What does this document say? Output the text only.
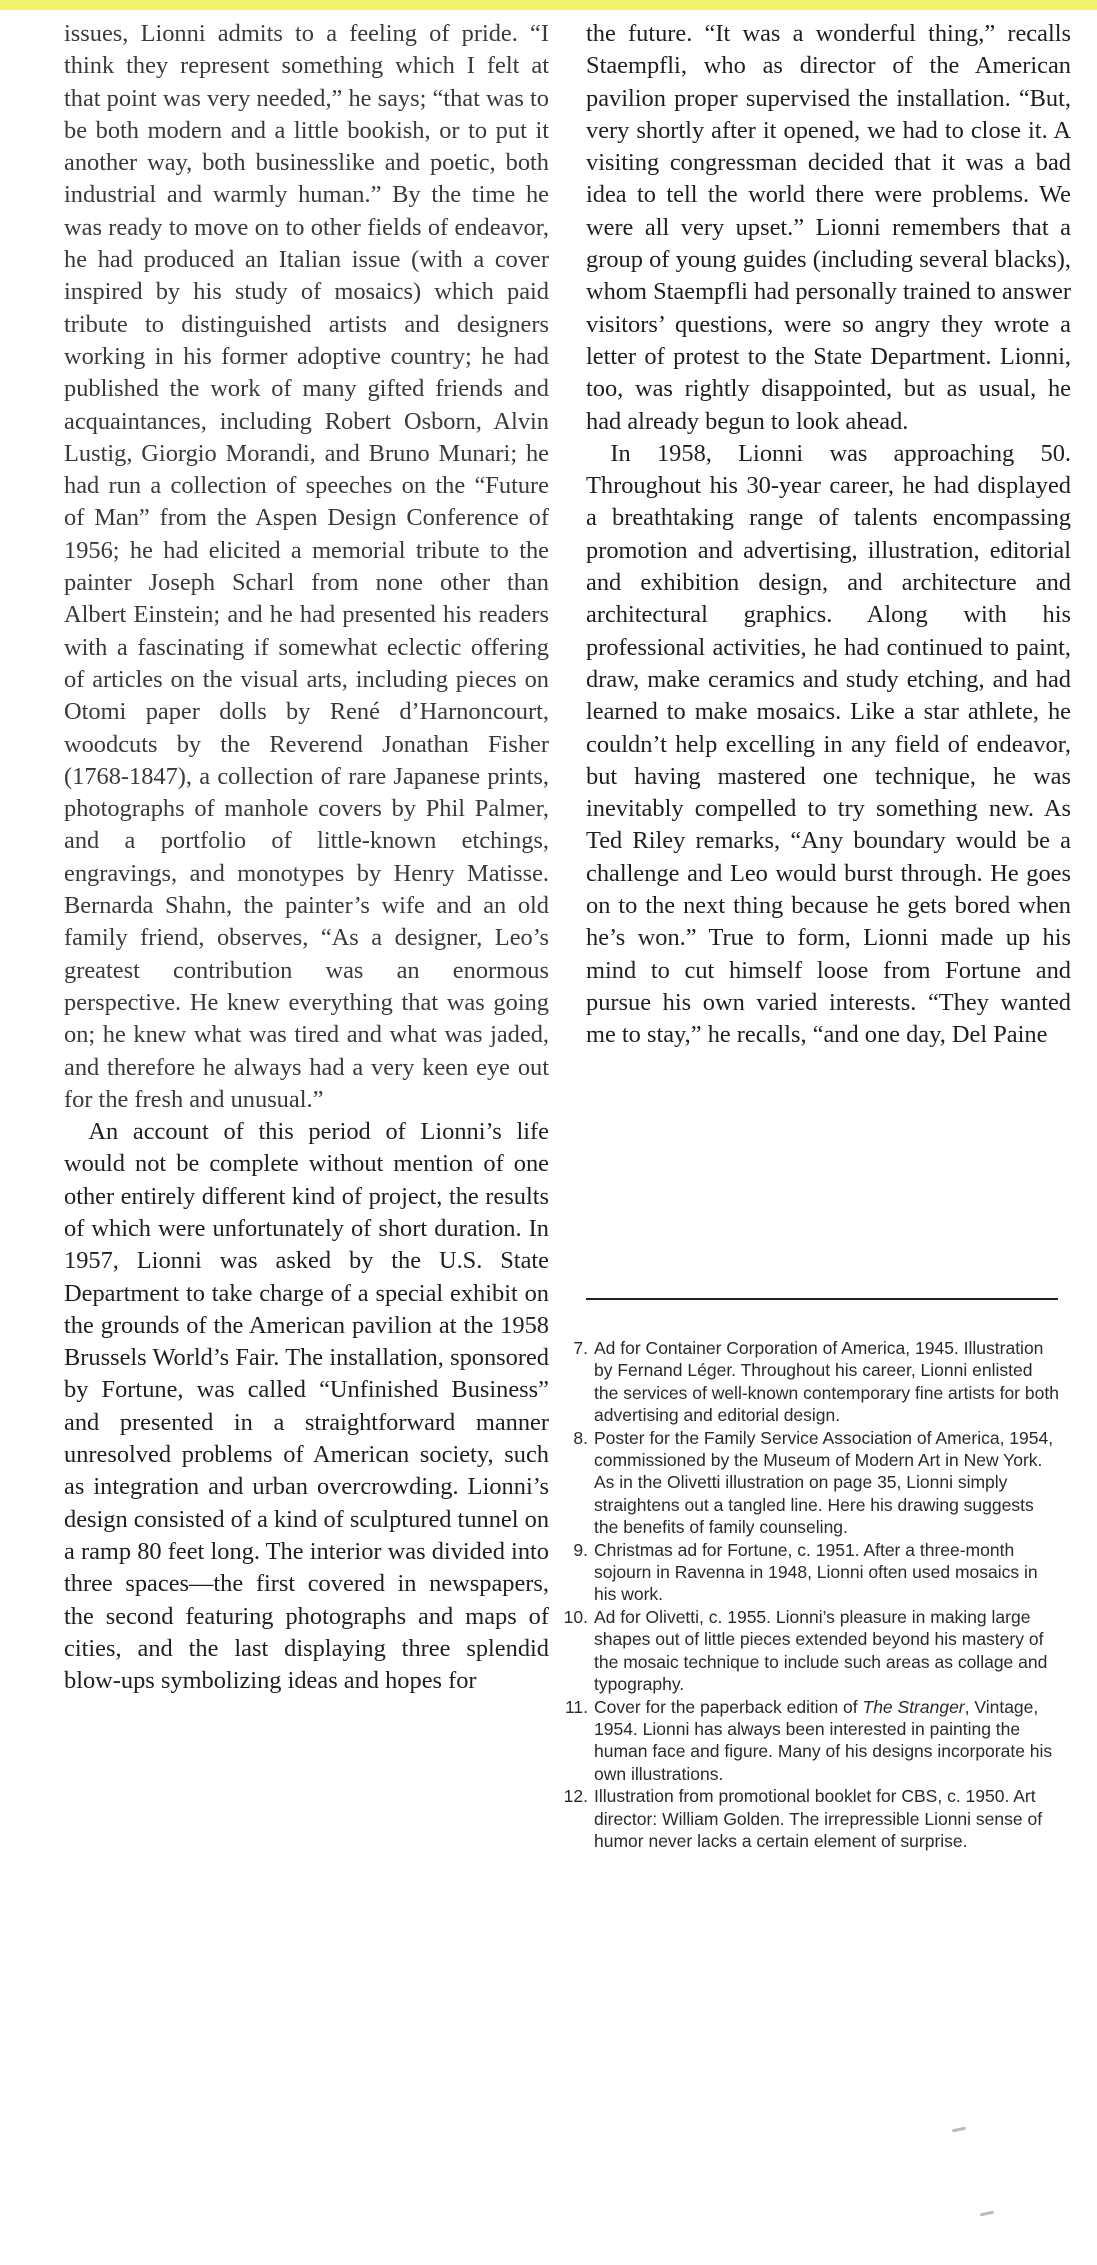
issues, Lionni admits to a feeling of pride. “I think they represent something which I felt at that point was very needed,” he says; “that was to be both modern and a little bookish, or to put it another way, both businesslike and poetic, both industrial and warmly human.” By the time he was ready to move on to other fields of endeavor, he had produced an Italian issue (with a cover inspired by his study of mosaics) which paid tribute to distinguished artists and designers working in his former adoptive country; he had published the work of many gifted friends and acquaintances, including Robert Osborn, Alvin Lustig, Giorgio Morandi, and Bruno Munari; he had run a collection of speeches on the “Future of Man” from the Aspen Design Conference of 1956; he had elicited a memorial tribute to the painter Joseph Scharl from none other than Albert Einstein; and he had presented his readers with a fascinating if somewhat eclectic offering of articles on the visual arts, including pieces on Otomi paper dolls by René d’Harnoncourt, woodcuts by the Reverend Jonathan Fisher (1768-1847), a collection of rare Japanese prints, photographs of manhole covers by Phil Palmer, and a portfolio of little-known etchings, engravings, and monotypes by Henry Matisse. Bernarda Shahn, the painter’s wife and an old family friend, observes, “As a designer, Leo’s greatest contribution was an enormous perspective. He knew everything that was going on; he knew what was tired and what was jaded, and therefore he always had a very keen eye out for the fresh and unusual.”

An account of this period of Lionni’s life would not be complete without mention of one other entirely different kind of project, the results of which were unfortunately of short duration. In 1957, Lionni was asked by the U.S. State Department to take charge of a special exhibit on the grounds of the American pavilion at the 1958 Brussels World’s Fair. The installation, sponsored by Fortune, was called “Unfinished Business” and presented in a straightforward manner unresolved problems of American society, such as integration and urban overcrowding. Lionni’s design consisted of a kind of sculptured tunnel on a ramp 80 feet long. The interior was divided into three spaces—the first covered in newspapers, the second featuring photographs and maps of cities, and the last displaying three splendid blow-ups symbolizing ideas and hopes for

the future. “It was a wonderful thing,” recalls Staempfli, who as director of the American pavilion proper supervised the installation. “But, very shortly after it opened, we had to close it. A visiting congressman decided that it was a bad idea to tell the world there were problems. We were all very upset.” Lionni remembers that a group of young guides (including several blacks), whom Staempfli had personally trained to answer visitors’ questions, were so angry they wrote a letter of protest to the State Department. Lionni, too, was rightly disappointed, but as usual, he had already begun to look ahead.

In 1958, Lionni was approaching 50. Throughout his 30-year career, he had displayed a breathtaking range of talents encompassing promotion and advertising, illustration, editorial and exhibition design, and architecture and architectural graphics. Along with his professional activities, he had continued to paint, draw, make ceramics and study etching, and had learned to make mosaics. Like a star athlete, he couldn’t help excelling in any field of endeavor, but having mastered one technique, he was inevitably compelled to try something new. As Ted Riley remarks, “Any boundary would be a challenge and Leo would burst through. He goes on to the next thing because he gets bored when he’s won.” True to form, Lionni made up his mind to cut himself loose from Fortune and pursue his own varied interests. “They wanted me to stay,” he recalls, “and one day, Del Paine

7. Ad for Container Corporation of America, 1945. Illustration by Fernand Léger. Throughout his career, Lionni enlisted the services of well-known contemporary fine artists for both advertising and editorial design.

8. Poster for the Family Service Association of America, 1954, commissioned by the Museum of Modern Art in New York. As in the Olivetti illustration on page 35, Lionni simply straightens out a tangled line. Here his drawing suggests the benefits of family counseling.

9. Christmas ad for Fortune, c. 1951. After a three-month sojourn in Ravenna in 1948, Lionni often used mosaics in his work.

10. Ad for Olivetti, c. 1955. Lionni’s pleasure in making large shapes out of little pieces extended beyond his mastery of the mosaic technique to include such areas as collage and typography.

11. Cover for the paperback edition of The Stranger, Vintage, 1954. Lionni has always been interested in painting the human face and figure. Many of his designs incorporate his own illustrations.

12. Illustration from promotional booklet for CBS, c. 1950. Art director: William Golden. The irrepressible Lionni sense of humor never lacks a certain element of surprise.
